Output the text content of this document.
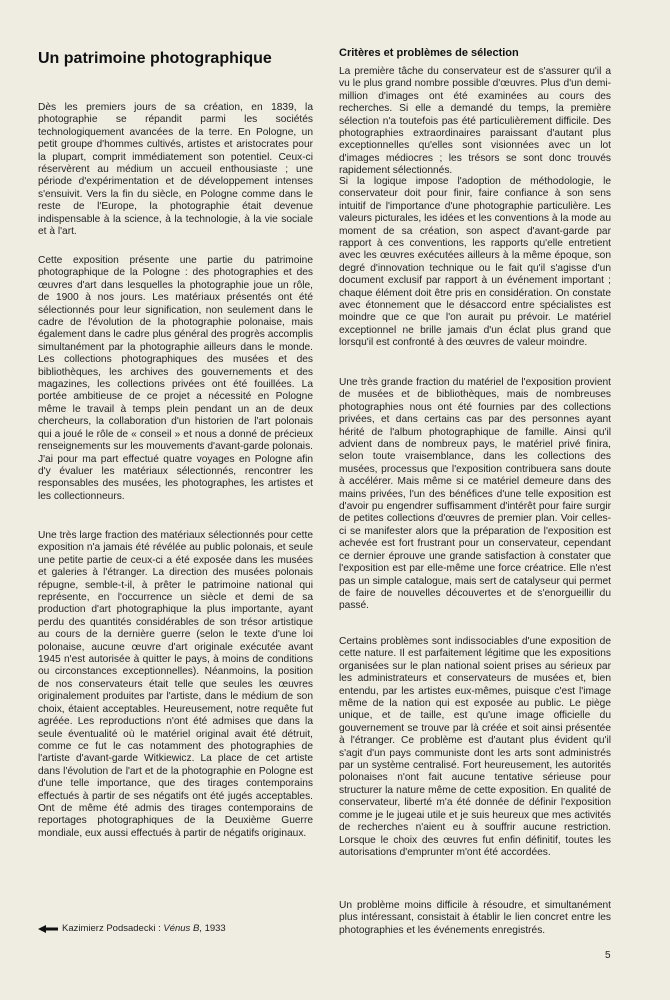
Un patrimoine photographique

Dès les premiers jours de sa création, en 1839, la photographie se répandit parmi les sociétés technologiquement avancées de la terre. En Pologne, un petit groupe d'hommes cultivés, artistes et aristocrates pour la plupart, comprit immédiatement son potentiel. Ceux-ci réservèrent au médium un accueil enthousiaste ; une période d'expérimentation et de développement intenses s'ensuivit. Vers la fin du siècle, en Pologne comme dans le reste de l'Europe, la photographie était devenue indispensable à la science, à la technologie, à la vie sociale et à l'art.

Cette exposition présente une partie du patrimoine photographique de la Pologne : des photographies et des œuvres d'art dans lesquelles la photographie joue un rôle, de 1900 à nos jours. Les matériaux présentés ont été sélectionnés pour leur signification, non seulement dans le cadre de l'évolution de la photographie polonaise, mais également dans le cadre plus général des progrès accomplis simultanément par la photographie ailleurs dans le monde. Les collections photographiques des musées et des bibliothèques, les archives des gouvernements et des magazines, les collections privées ont été fouillées. La portée ambitieuse de ce projet a nécessité en Pologne même le travail à temps plein pendant un an de deux chercheurs, la collaboration d'un historien de l'art polonais qui a joué le rôle de « conseil » et nous a donné de précieux renseignements sur les mouvements d'avant-garde polonais. J'ai pour ma part effectué quatre voyages en Pologne afin d'y évaluer les matériaux sélectionnés, rencontrer les responsables des musées, les photographes, les artistes et les collectionneurs.

Une très large fraction des matériaux sélectionnés pour cette exposition n'a jamais été révélée au public polonais, et seule une petite partie de ceux-ci a été exposée dans les musées et galeries à l'étranger. La direction des musées polonais répugne, semble-t-il, à prêter le patrimoine national qui représente, en l'occurrence un siècle et demi de sa production d'art photographique la plus importante, ayant perdu des quantités considérables de son trésor artistique au cours de la dernière guerre (selon le texte d'une loi polonaise, aucune œuvre d'art originale exécutée avant 1945 n'est autorisée à quitter le pays, à moins de conditions ou circonstances exceptionnelles). Néanmoins, la position de nos conservateurs était telle que seules les œuvres originalement produites par l'artiste, dans le médium de son choix, étaient acceptables. Heureusement, notre requête fut agréée. Les reproductions n'ont été admises que dans la seule éventualité où le matériel original avait été détruit, comme ce fut le cas notamment des photographies de l'artiste d'avant-garde Witkiewicz. La place de cet artiste dans l'évolution de l'art et de la photographie en Pologne est d'une telle importance, que des tirages contemporains effectués à partir de ses négatifs ont été jugés acceptables. Ont de même été admis des tirages contemporains de reportages photographiques de la Deuxième Guerre mondiale, eux aussi effectués à partir de négatifs originaux.

Critères et problèmes de sélection

La première tâche du conservateur est de s'assurer qu'il a vu le plus grand nombre possible d'œuvres. Plus d'un demi-million d'images ont été examinées au cours des recherches. Si elle a demandé du temps, la première sélection n'a toutefois pas été particulièrement difficile. Des photographies extraordinaires paraissant d'autant plus exceptionnelles qu'elles sont visionnées avec un lot d'images médiocres ; les trésors se sont donc trouvés rapidement sélectionnés.

Si la logique impose l'adoption de méthodologie, le conservateur doit pour finir, faire confiance à son sens intuitif de l'importance d'une photographie particulière. Les valeurs picturales, les idées et les conventions à la mode au moment de sa création, son aspect d'avant-garde par rapport à ces conventions, les rapports qu'elle entretient avec les œuvres exécutées ailleurs à la même époque, son degré d'innovation technique ou le fait qu'il s'agisse d'un document exclusif par rapport à un événement important ; chaque élément doit être pris en considération. On constate avec étonnement que le désaccord entre spécialistes est moindre que ce que l'on aurait pu prévoir. Le matériel exceptionnel ne brille jamais d'un éclat plus grand que lorsqu'il est confronté à des œuvres de valeur moindre.

Une très grande fraction du matériel de l'exposition provient de musées et de bibliothèques, mais de nombreuses photographies nous ont été fournies par des collections privées, et dans certains cas par des personnes ayant hérité de l'album photographique de famille. Ainsi qu'il advient dans de nombreux pays, le matériel privé finira, selon toute vraisemblance, dans les collections des musées, processus que l'exposition contribuera sans doute à accélérer. Mais même si ce matériel demeure dans des mains privées, l'un des bénéfices d'une telle exposition est d'avoir pu engendrer suffisamment d'intérêt pour faire surgir de petites collections d'œuvres de premier plan. Voir celles-ci se manifester alors que la préparation de l'exposition est achevée est fort frustrant pour un conservateur, cependant ce dernier éprouve une grande satisfaction à constater que l'exposition est par elle-même une force créatrice. Elle n'est pas un simple catalogue, mais sert de catalyseur qui permet de faire de nouvelles découvertes et de s'enorgueillir du passé.

Certains problèmes sont indissociables d'une exposition de cette nature. Il est parfaitement légitime que les expositions organisées sur le plan national soient prises au sérieux par les administrateurs et conservateurs de musées et, bien entendu, par les artistes eux-mêmes, puisque c'est l'image même de la nation qui est exposée au public. Le piège unique, et de taille, est qu'une image officielle du gouvernement se trouve par là créée et soit ainsi présentée à l'étranger. Ce problème est d'autant plus évident qu'il s'agit d'un pays communiste dont les arts sont administrés par un système centralisé. Fort heureusement, les autorités polonaises n'ont fait aucune tentative sérieuse pour structurer la nature même de cette exposition. En qualité de conservateur, liberté m'a été donnée de définir l'exposition comme je le jugeai utile et je suis heureux que mes activités de recherches n'aient eu à souffrir aucune restriction. Lorsque le choix des œuvres fut enfin définitif, toutes les autorisations d'emprunter m'ont été accordées.

Un problème moins difficile à résoudre, et simultanément plus intéressant, consistait à établir le lien concret entre les photographies et les événements enregistrés.

Kazimierz Podsadecki : Vénus B, 1933
5
